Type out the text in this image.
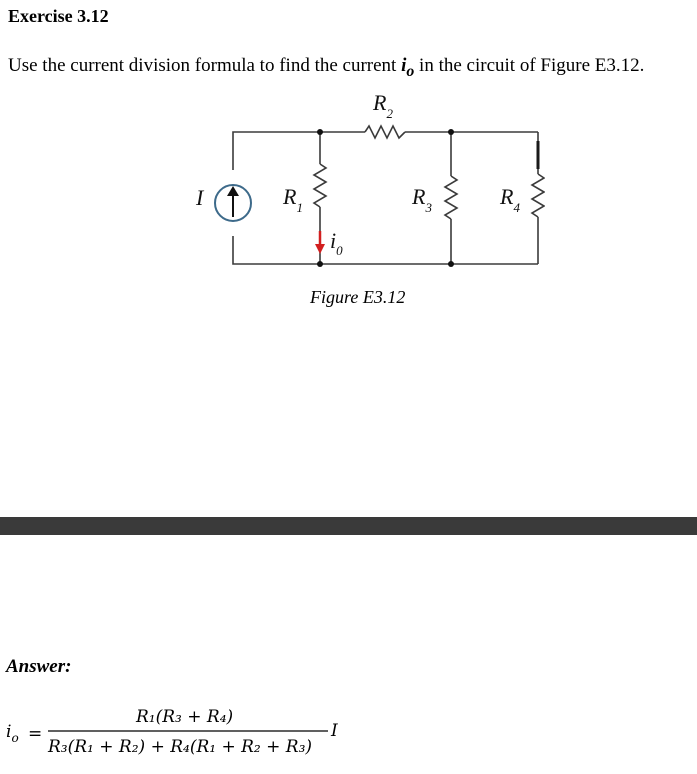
Exercise 3.12
Use the current division formula to find the current $i_o$ in the circuit of Figure E3.12.
I	$R_1$
$R_2$
$R_3$	$R_4$
$i_0$
Figure E3.12
Answer:
$i_o$ =
R₁(R₃ + R₄)
R₃(R₁ + R₂) + R₄(R₁ + R₂ + R₃)
I
